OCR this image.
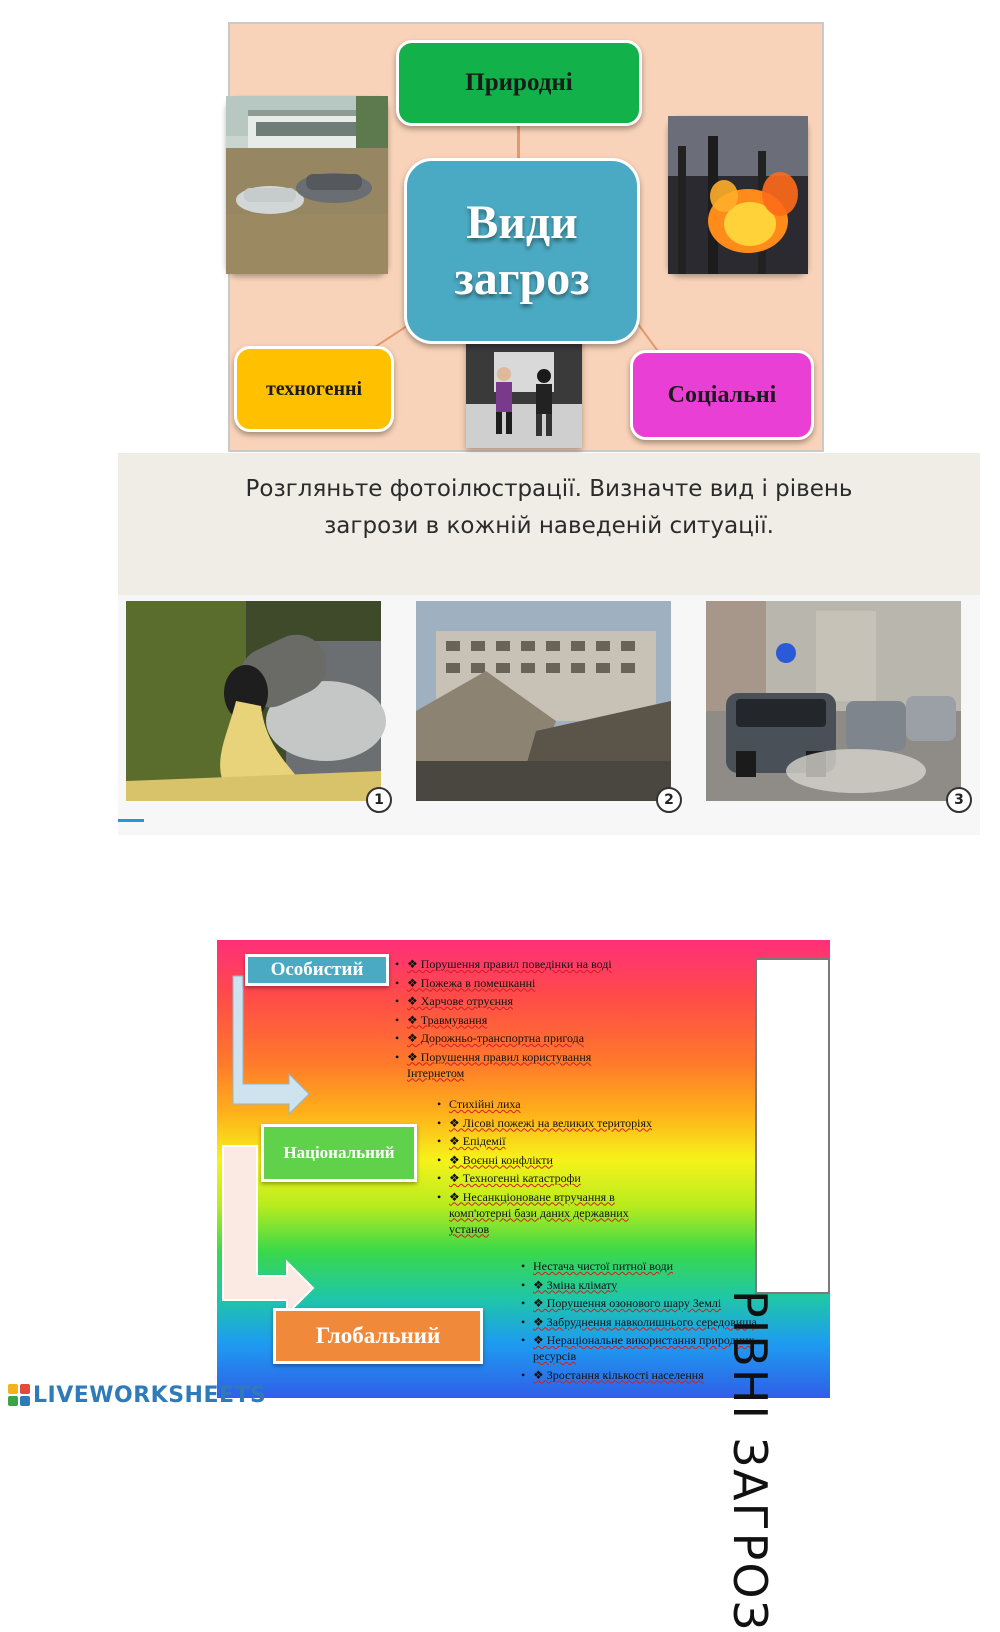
Природні
Види загроз
техногенні	Соціальні
Розгляньте фотоілюстрації. Визначте вид і рівень
загрози в кожній наведеній ситуації.
1	2	3
Особистий
Національний
Глобальний
• ❖ Порушення правил поведінки на воді
• ❖ Пожежа в помешканні
• ❖ Харчове отруєння
• ❖ Травмування
• ❖ Дорожньо-транспортна пригода
• ❖ Порушення правил користування Інтернетом
• Стихійні лиха
• ❖ Лісові пожежі на великих територіях
• ❖ Епідемії
• ❖ Воєнні конфлікти
• ❖ Техногенні катастрофи
• ❖ Несанкціоноване втручання в комп'ютерні бази даних державних установ
• Нестача чистої питної води
• ❖ Зміна клімату
• ❖ Порушення озонового шару Землі
• ❖ Забруднення навколишнього середовища
• ❖ Нераціональне використання природних ресурсів
• ❖ Зростання кількості населення РІВНІ ЗАГРОЗ
LIVEWORKSHEETS
